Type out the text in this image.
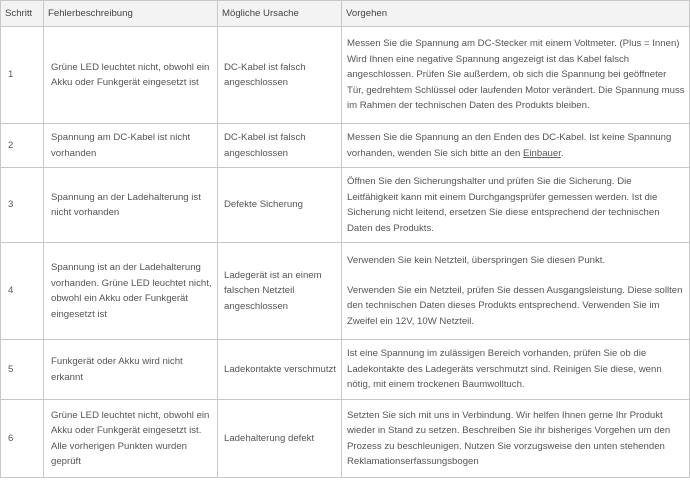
Schritt	Fehlerbeschreibung	Mögliche Ursache	Vorgehen
1	Grüne LED leuchtet nicht, obwohl ein Akku oder Funkgerät eingesetzt ist	DC-Kabel ist falsch angeschlossen	Messen Sie die Spannung am DC-Stecker mit einem Voltmeter. (Plus = Innen) Wird Ihnen eine negative Spannung angezeigt ist das Kabel falsch angeschlossen. Prüfen Sie außerdem, ob sich die Spannung bei geöffneter Tür, gedrehtem Schlüssel oder laufenden Motor verändert. Die Spannung muss im Rahmen der technischen Daten des Produkts bleiben.

2	Spannung am DC-Kabel ist nicht vorhanden	DC-Kabel ist falsch angeschlossen	Messen Sie die Spannung an den Enden des DC-Kabel. Ist keine Spannung vorhanden, wenden Sie sich bitte an den Einbauer.
3	Spannung an der Ladehalterung ist nicht vorhanden	Defekte Sicherung	Öffnen Sie den Sicherungshalter und prüfen Sie die Sicherung. Die Leitfähigkeit kann mit einem Durchgangsprüfer gemessen werden. Ist die Sicherung nicht leitend, ersetzen Sie diese entsprechend der technischen Daten des Produkts.

4	Spannung ist an der Ladehalterung vorhanden. Grüne LED leuchtet nicht, obwohl ein Akku oder Funkgerät eingesetzt ist	Ladegerät ist an einem falschen Netzteil angeschlossen	Verwenden Sie kein Netzteil, überspringen Sie diesen Punkt.
Verwenden Sie ein Netzteil, prüfen Sie dessen Ausgangsleistung. Diese sollten den technischen Daten dieses Produkts entsprechend. Verwenden Sie im Zweifel ein 12V, 10W Netzteil.

5	Funkgerät oder Akku wird nicht erkannt	Ladekontakte verschmutzt	Ist eine Spannung im zulässigen Bereich vorhanden, prüfen Sie ob die Ladekontakte des Ladegeräts verschmutzt sind. Reinigen Sie diese, wenn nötig, mit einem trockenen Baumwolltuch.

6	Grüne LED leuchtet nicht, obwohl ein Akku oder Funkgerät eingesetzt ist. Alle vorherigen Punkten wurden geprüft	Ladehalterung defekt	Setzten Sie sich mit uns in Verbindung. Wir helfen Ihnen gerne Ihr Produkt wieder in Stand zu setzen. Beschreiben Sie ihr bisheriges Vorgehen um den Prozess zu beschleunigen. Nutzen Sie vorzugsweise den unten stehenden Reklamationserfassungsbogen
